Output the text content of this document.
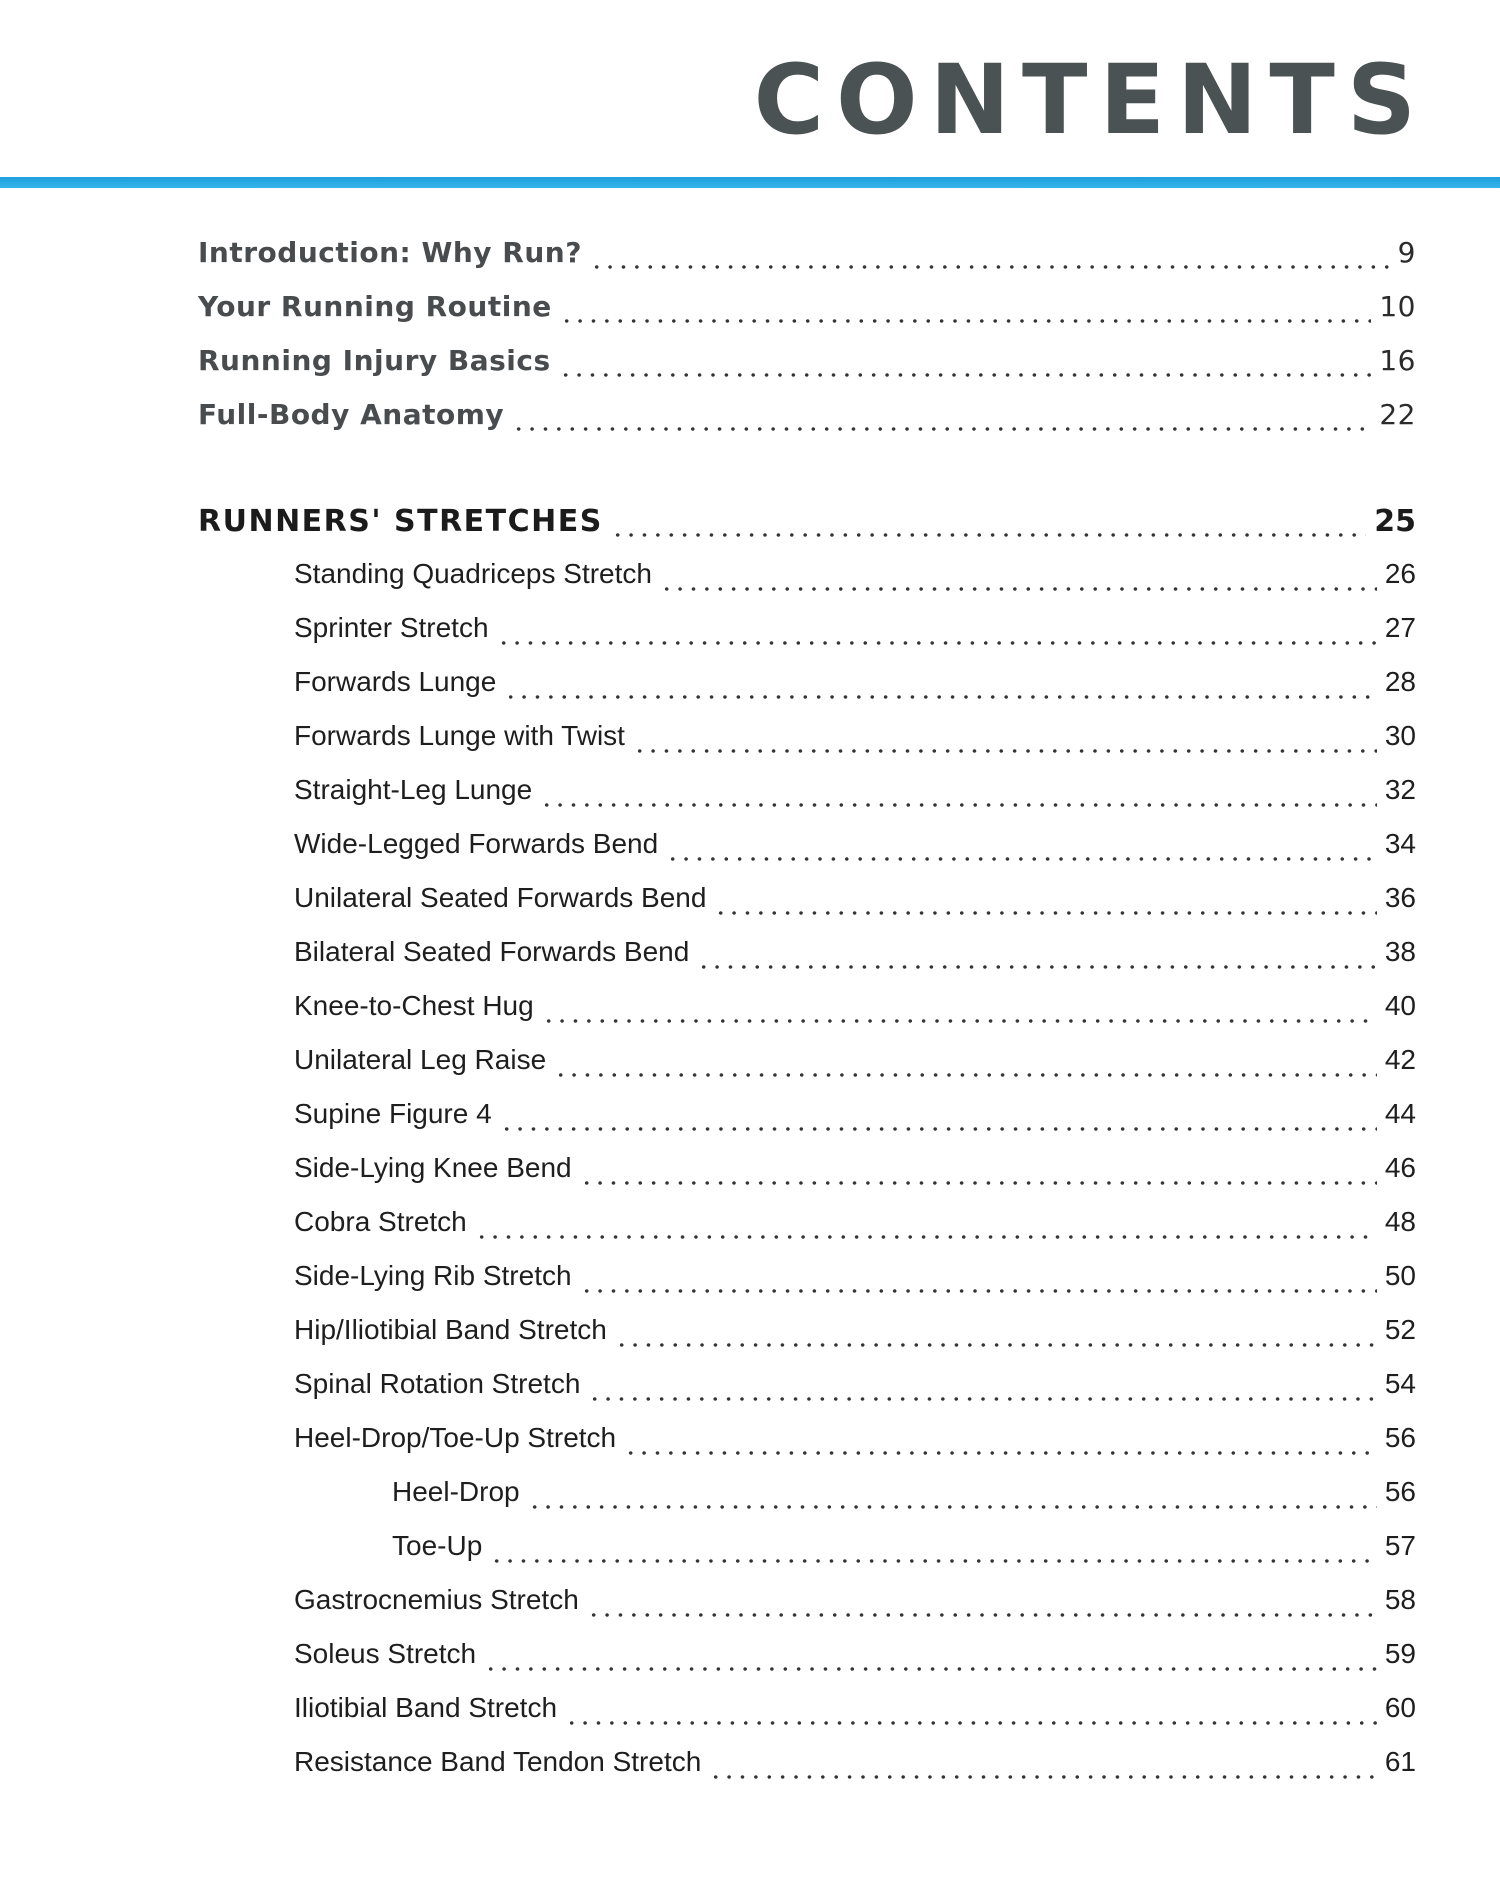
CONTENTS
Introduction: Why Run?	9
Your Running Routine	10
Running Injury Basics	16
Full-Body Anatomy	22
RUNNERS' STRETCHES	25
Standing Quadriceps Stretch	26
Sprinter Stretch	27
Forwards Lunge	28
Forwards Lunge with Twist	30
Straight-Leg Lunge	32
Wide-Legged Forwards Bend	34
Unilateral Seated Forwards Bend	36
Bilateral Seated Forwards Bend	38
Knee-to-Chest Hug	40
Unilateral Leg Raise	42
Supine Figure 4	44
Side-Lying Knee Bend	46
Cobra Stretch	48
Side-Lying Rib Stretch	50
Hip/Iliotibial Band Stretch	52
Spinal Rotation Stretch	54
Heel-Drop/Toe-Up Stretch	56
Heel-Drop	56
Toe-Up	57
Gastrocnemius Stretch	58
Soleus Stretch	59
Iliotibial Band Stretch	60
Resistance Band Tendon Stretch	61
